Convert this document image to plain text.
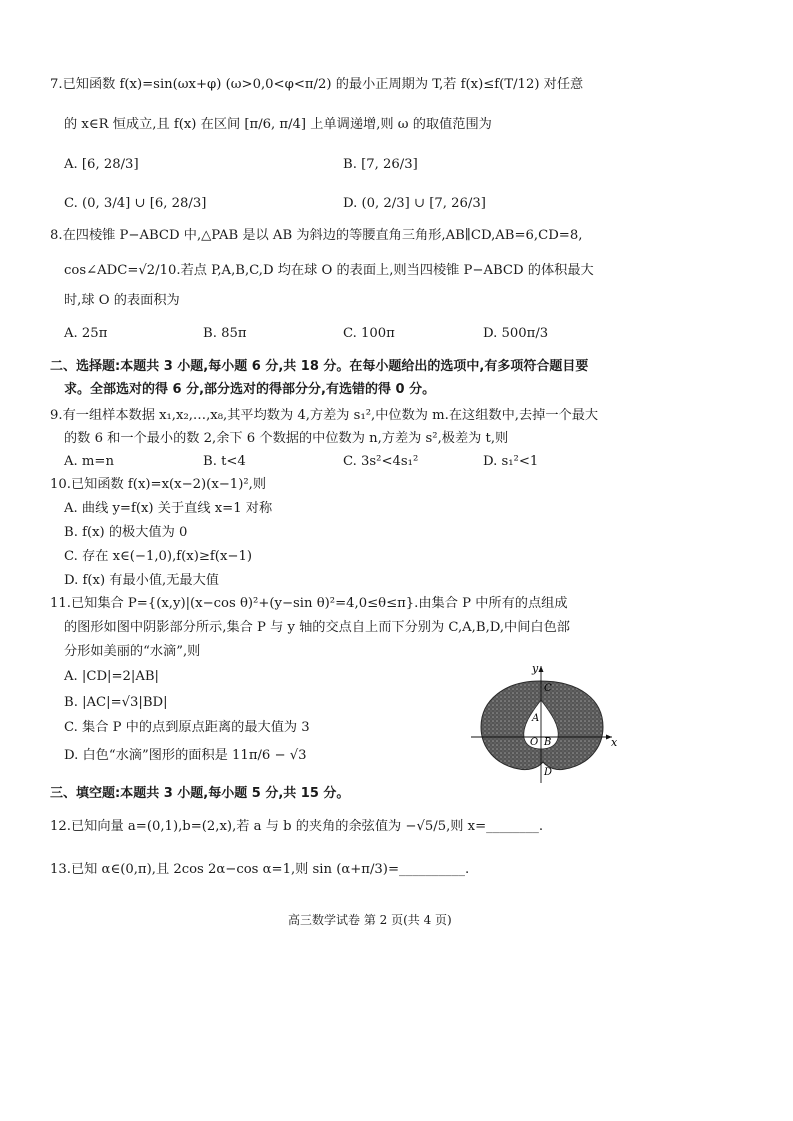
7.已知函数 f(x)=sin(ωx+φ) (ω>0,0<φ<π/2) 的最小正周期为 T,若 f(x)≤f(T/12) 对任意
的 x∈R 恒成立,且 f(x) 在区间 [π/6, π/4] 上单调递增,则 ω 的取值范围为
A. [6, 28/3]	B. [7, 26/3]
C. (0, 3/4] ∪ [6, 28/3]	D. (0, 2/3] ∪ [7, 26/3]
8.在四棱锥 P−ABCD 中,△PAB 是以 AB 为斜边的等腰直角三角形,AB∥CD,AB=6,CD=8,
cos∠ADC=√2/10.若点 P,A,B,C,D 均在球 O 的表面上,则当四棱锥 P−ABCD 的体积最大
时,球 O 的表面积为
A. 25π	B. 85π	C. 100π	D. 500π/3
二、选择题:本题共 3 小题,每小题 6 分,共 18 分。在每小题给出的选项中,有多项符合题目要
求。全部选对的得 6 分,部分选对的得部分分,有选错的得 0 分。
9.有一组样本数据 x₁,x₂,…,x₈,其平均数为 4,方差为 s₁²,中位数为 m.在这组数中,去掉一个最大
的数 6 和一个最小的数 2,余下 6 个数据的中位数为 n,方差为 s²,极差为 t,则
A. m=n	B. t<4	C. 3s²<4s₁²	D. s₁²<1
10.已知函数 f(x)=x(x−2)(x−1)²,则
A. 曲线 y=f(x) 关于直线 x=1 对称
B. f(x) 的极大值为 0
C. 存在 x∈(−1,0),f(x)≥f(x−1)
D. f(x) 有最小值,无最大值
11.已知集合 P={(x,y)|(x−cos θ)²+(y−sin θ)²=4,0≤θ≤π}.由集合 P 中所有的点组成
的图形如图中阴影部分所示,集合 P 与 y 轴的交点自上而下分别为 C,A,B,D,中间白色部
分形如美丽的“水滴”,则
A. |CD|=2|AB|
B. |AC|=√3|BD|
C. 集合 P 中的点到原点距离的最大值为 3
D. 白色“水滴”图形的面积是 11π/6 − √3
y
x
C
A
O B
D
三、填空题:本题共 3 小题,每小题 5 分,共 15 分。
12.已知向量 a=(0,1),b=(2,x),若 a 与 b 的夹角的余弦值为 −√5/5,则 x=________.
13.已知 α∈(0,π),且 2cos 2α−cos α=1,则 sin (α+π/3)=__________.
高三数学试卷 第 2 页(共 4 页)
